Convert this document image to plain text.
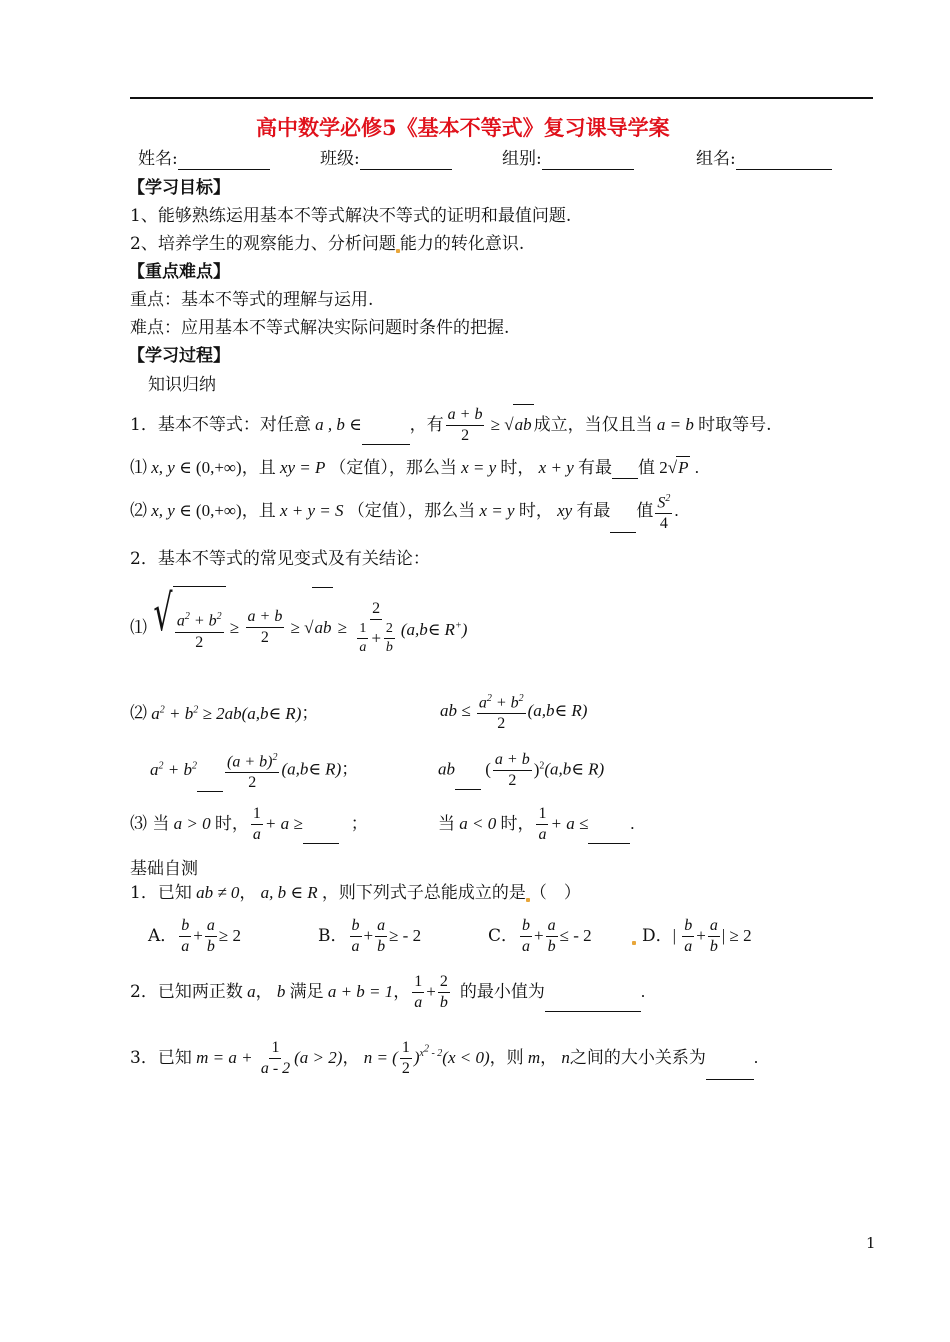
高中数学必修5《基本不等式》复习课导学案
姓名:	班级:	组别:	组名:
【学习目标】
1、能够熟练运用基本不等式解决不等式的证明和最值问题.
2、培养学生的观察能力、分析问题 能力的转化意识.
【重点难点】
重点：基本不等式的理解与运用.
难点：应用基本不等式解决实际问题时条件的把握.
【学习过程】
知识归纳
1．基本不等式：对任意 a , b ∈	，有 $\frac{a + b}{2} \ge √ab$ 成立，当仅且当 a = b 时取等号.
⑴ x, y ∈ (0,+∞)，且 xy = P （定值），那么当 x = y 时， x + y 有最 值 2√P .
⑵ x, y ∈ (0,+∞)，且 x + y = S （定值），那么当 x = y 时， xy 有最 值 $\frac{S^2}{4}$ .
2．基本不等式的常见变式及有关结论：
⑴ √ $\frac{a^2 + b^2}{2} \ge \frac{a + b}{2} \ge √ab \ge \frac{2}{\frac{1}{a} + \frac{2}{b}}$ (a,b∈ R+)
⑵ $a^2 + b^2$ ≥ 2ab(a,b∈ R)；	ab ≤ $\frac{a^2 + b^2}{2}$ (a,b∈ R)
$a^2 + b^2 \frac{(a + b)^2}{2}$ (a,b∈ R)；	ab ( $\frac{a + b}{2}$ )$^2$(a,b∈ R)
⑶ 当 a > 0 时， $\frac{1}{a} + a$ ≥	；	当 a < 0 时， $\frac{1}{a} + a$ ≤ .
基础自测
1．已知 ab ≠ 0， a, b ∈ R ，则下列式子总能成立的是 （　）
A． $\frac{b}{a} + \frac{a}{b} \ge 2$	B． $\frac{b}{a} + \frac{a}{b}$ ≥ - 2	C． $\frac{b}{a} + \frac{a}{b}$ ≤ - 2	D．| $\frac{b}{a} + \frac{a}{b}$ | ≥ 2
2．已知两正数 a， b 满足 a + b = 1， $\frac{1}{a} + \frac{2}{b}$ 的最小值为	.
3．已知 $m = a + \frac{1}{a - 2} (a > 2)$， n = ( $\frac{1}{2} )^{x^2 - 2}(x < 0)$，则 m， n之间的大小关系为	.
1
